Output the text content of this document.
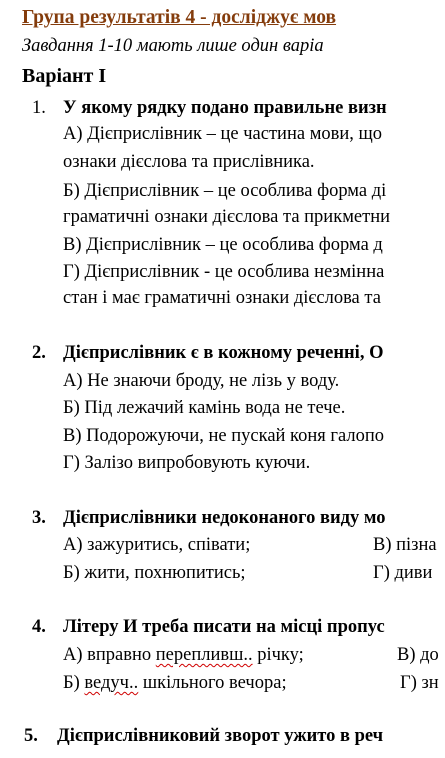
Група результатів 4 - досліджує мов
Завдання 1-10 мають лише один варіа
Варіант І
1. У якому рядку подано правильне визн
А) Дієприслівник – це частина мови, що
ознаки дієслова та прислівника.
Б) Дієприслівник – це особлива форма ді
граматичні ознаки дієслова та прикметни
В) Дієприслівник – це особлива форма д
Г) Дієприслівник - це особлива незмінна
стан і має граматичні ознаки дієслова та
2. Дієприслівник є в кожному реченні, О
А) Не знаючи броду, не лізь у воду.
Б) Під лежачий камінь вода не тече.
В) Подорожуючи, не пускай коня галопо
Г) Залізо випробовують куючи.
3. Дієприслівники недоконаного виду мо
А) зажуритись, співати;	В) пізна
Б) жити, похнюпитись;	Г) диви
4. Літеру И треба писати на місці пропус
А) вправно перепливш.. річку;	В) до
Б) ведуч.. шкільного вечора;	Г) зн
5. Дієприслівниковий зворот ужито в реч
